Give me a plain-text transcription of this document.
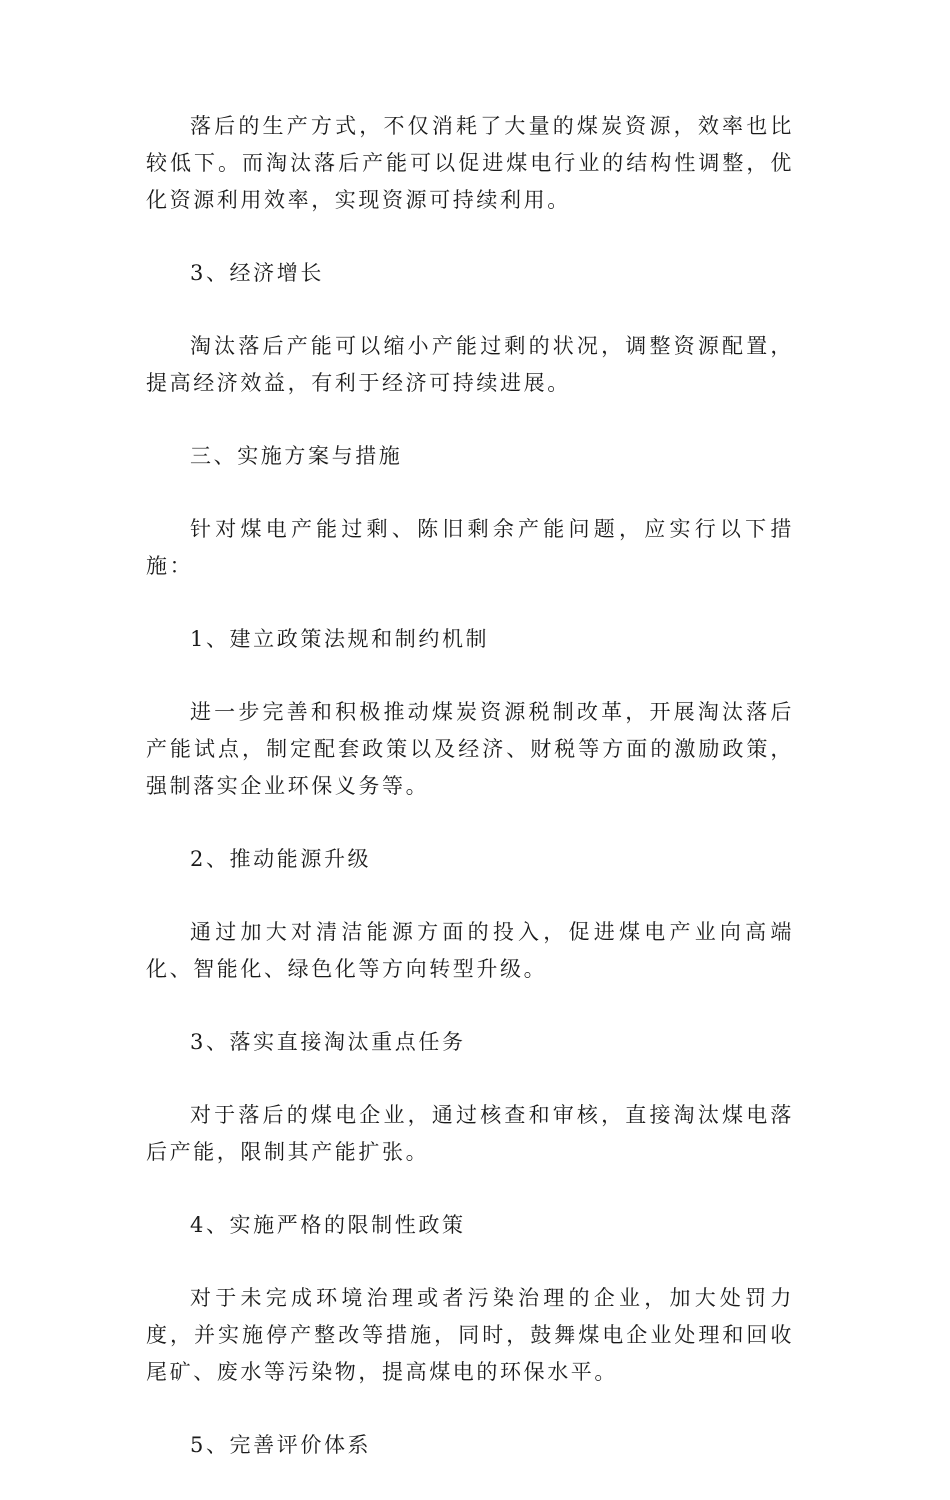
落后的生产方式，不仅消耗了大量的煤炭资源，效率也比较低下。而淘汰落后产能可以促进煤电行业的结构性调整，优化资源利用效率，实现资源可持续利用。

3、经济增长

淘汰落后产能可以缩小产能过剩的状况，调整资源配置，提高经济效益，有利于经济可持续进展。

三、实施方案与措施

针对煤电产能过剩、陈旧剩余产能问题，应实行以下措施：

1、建立政策法规和制约机制

进一步完善和积极推动煤炭资源税制改革，开展淘汰落后产能试点，制定配套政策以及经济、财税等方面的激励政策，强制落实企业环保义务等。

2、推动能源升级

通过加大对清洁能源方面的投入，促进煤电产业向高端化、智能化、绿色化等方向转型升级。

3、落实直接淘汰重点任务

对于落后的煤电企业，通过核查和审核，直接淘汰煤电落后产能，限制其产能扩张。

4、实施严格的限制性政策

对于未完成环境治理或者污染治理的企业，加大处罚力度，并实施停产整改等措施，同时，鼓舞煤电企业处理和回收尾矿、废水等污染物，提高煤电的环保水平。

5、完善评价体系
